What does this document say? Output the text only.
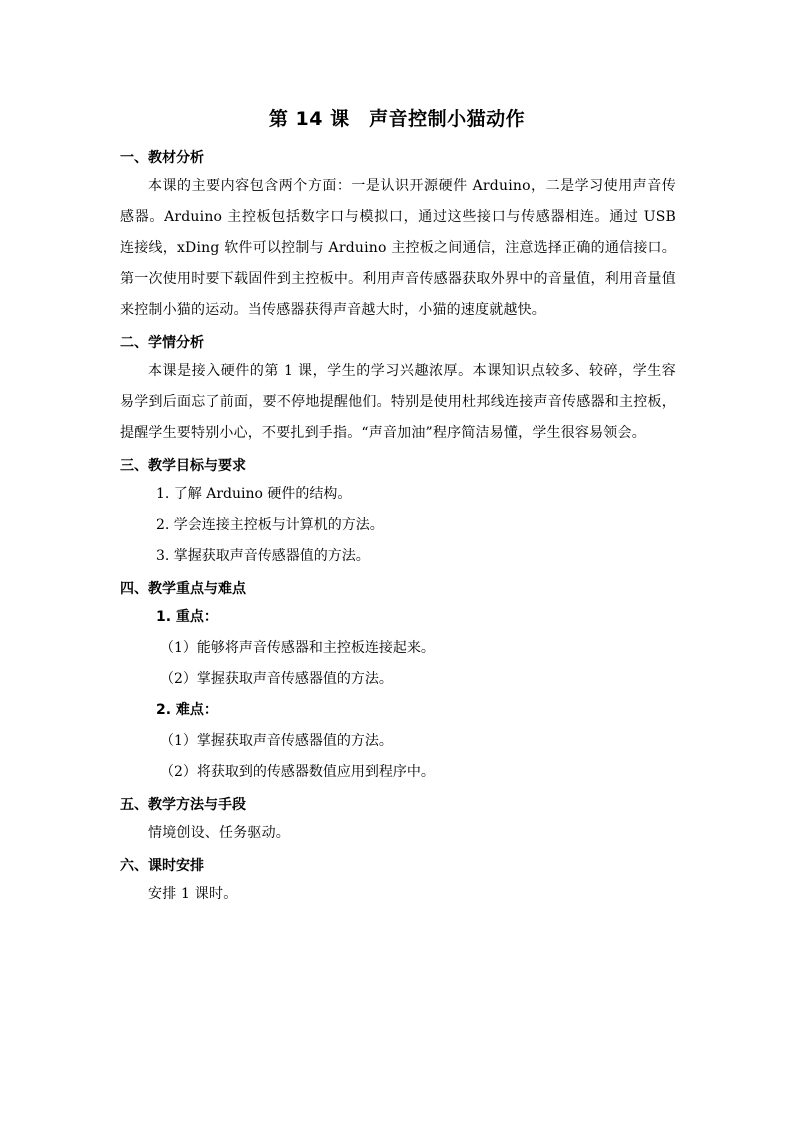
第 14 课　声音控制小猫动作
一、教材分析
本课的主要内容包含两个方面：一是认识开源硬件 Arduino，二是学习使用声音传感器。Arduino 主控板包括数字口与模拟口，通过这些接口与传感器相连。通过 USB 连接线，xDing 软件可以控制与 Arduino 主控板之间通信，注意选择正确的通信接口。第一次使用时要下载固件到主控板中。利用声音传感器获取外界中的音量值，利用音量值来控制小猫的运动。当传感器获得声音越大时，小猫的速度就越快。
二、学情分析
本课是接入硬件的第 1 课，学生的学习兴趣浓厚。本课知识点较多、较碎，学生容易学到后面忘了前面，要不停地提醒他们。特别是使用杜邦线连接声音传感器和主控板，提醒学生要特别小心，不要扎到手指。“声音加油”程序简洁易懂，学生很容易领会。
三、教学目标与要求
1. 了解 Arduino 硬件的结构。
2. 学会连接主控板与计算机的方法。
3. 掌握获取声音传感器值的方法。
四、教学重点与难点
1. 重点：
（1）能够将声音传感器和主控板连接起来。
（2）掌握获取声音传感器值的方法。
2. 难点：
（1）掌握获取声音传感器值的方法。
（2）将获取到的传感器数值应用到程序中。
五、教学方法与手段
情境创设、任务驱动。
六、课时安排
安排 1 课时。
